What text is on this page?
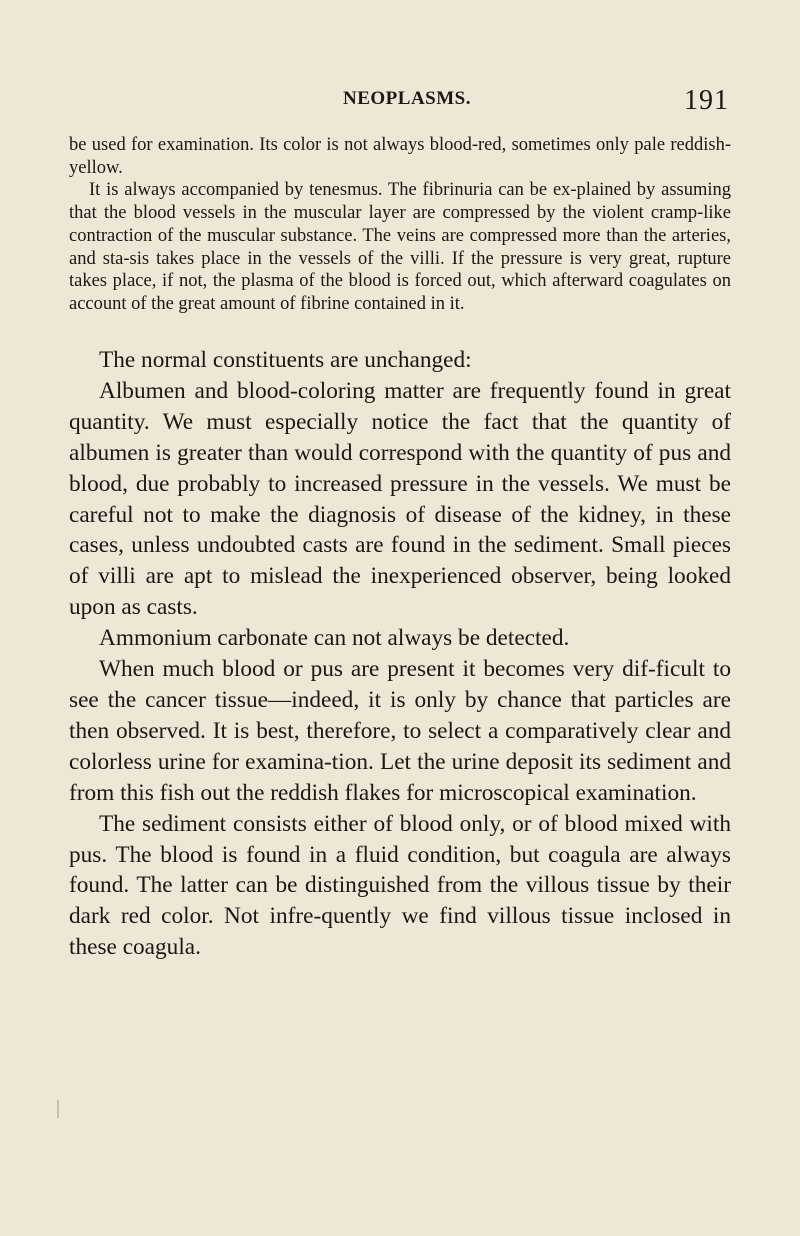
NEOPLASMS.	191

be used for examination. Its color is not always blood-red, sometimes only pale reddish-yellow.

It is always accompanied by tenesmus. The fibrinuria can be ex-plained by assuming that the blood vessels in the muscular layer are compressed by the violent cramp-like contraction of the muscular substance. The veins are compressed more than the arteries, and sta-sis takes place in the vessels of the villi. If the pressure is very great, rupture takes place, if not, the plasma of the blood is forced out, which afterward coagulates on account of the great amount of fibrine contained in it.

The normal constituents are unchanged:

Albumen and blood-coloring matter are frequently found in great quantity. We must especially notice the fact that the quantity of albumen is greater than would correspond with the quantity of pus and blood, due probably to increased pressure in the vessels. We must be careful not to make the diagnosis of disease of the kidney, in these cases, unless undoubted casts are found in the sediment. Small pieces of villi are apt to mislead the inexperienced observer, being looked upon as casts.

Ammonium carbonate can not always be detected.

When much blood or pus are present it becomes very dif-ficult to see the cancer tissue—indeed, it is only by chance that particles are then observed. It is best, therefore, to select a comparatively clear and colorless urine for examina-tion. Let the urine deposit its sediment and from this fish out the reddish flakes for microscopical examination.

The sediment consists either of blood only, or of blood mixed with pus. The blood is found in a fluid condition, but coagula are always found. The latter can be distinguished from the villous tissue by their dark red color. Not infre-quently we find villous tissue inclosed in these coagula.
